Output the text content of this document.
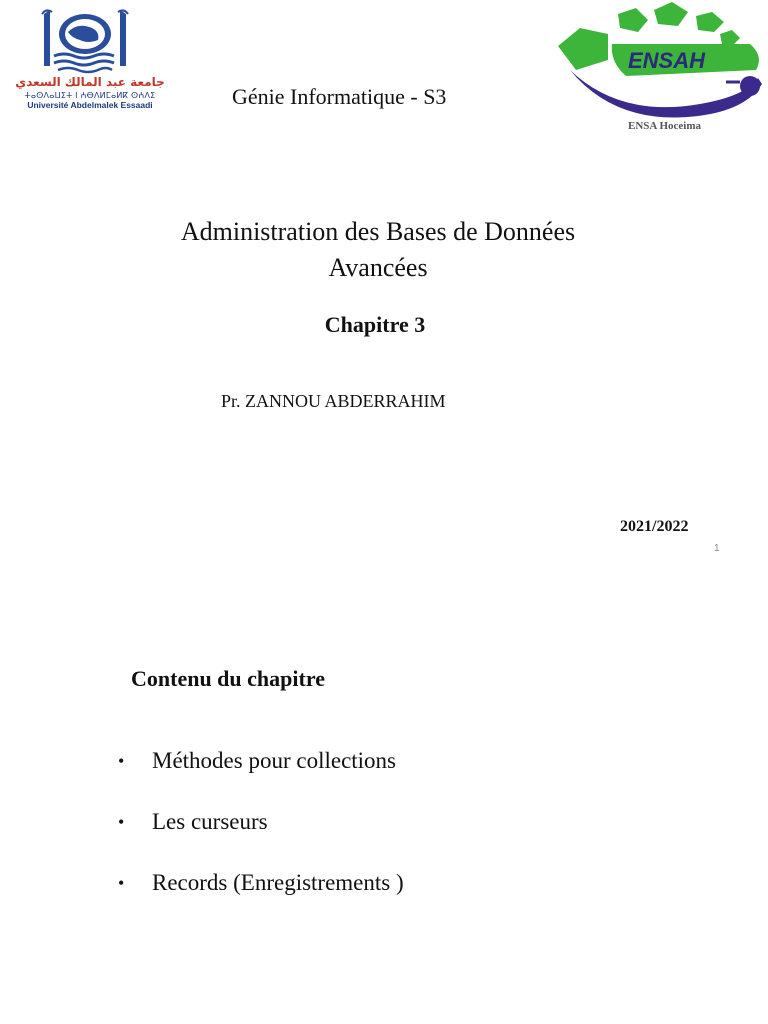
جامعة عبد المالك السعدي
ⵜⴰⵙⴷⴰⵡⵉⵜ ⵏ ⵄⴱⴷⵍⵎⴰⵍⴽ ⵙⵄⴷⵉ
Université Abdelmalek Essaadi	Génie Informatique - S3
ENSAH
ENSA Hoceima
Administration des Bases de Données
Avancées
Chapitre 3
Pr. ZANNOU ABDERRAHIM
2021/2022
1
Contenu du chapitre
•	Méthodes pour collections
•	Les curseurs
•	Records (Enregistrements )
